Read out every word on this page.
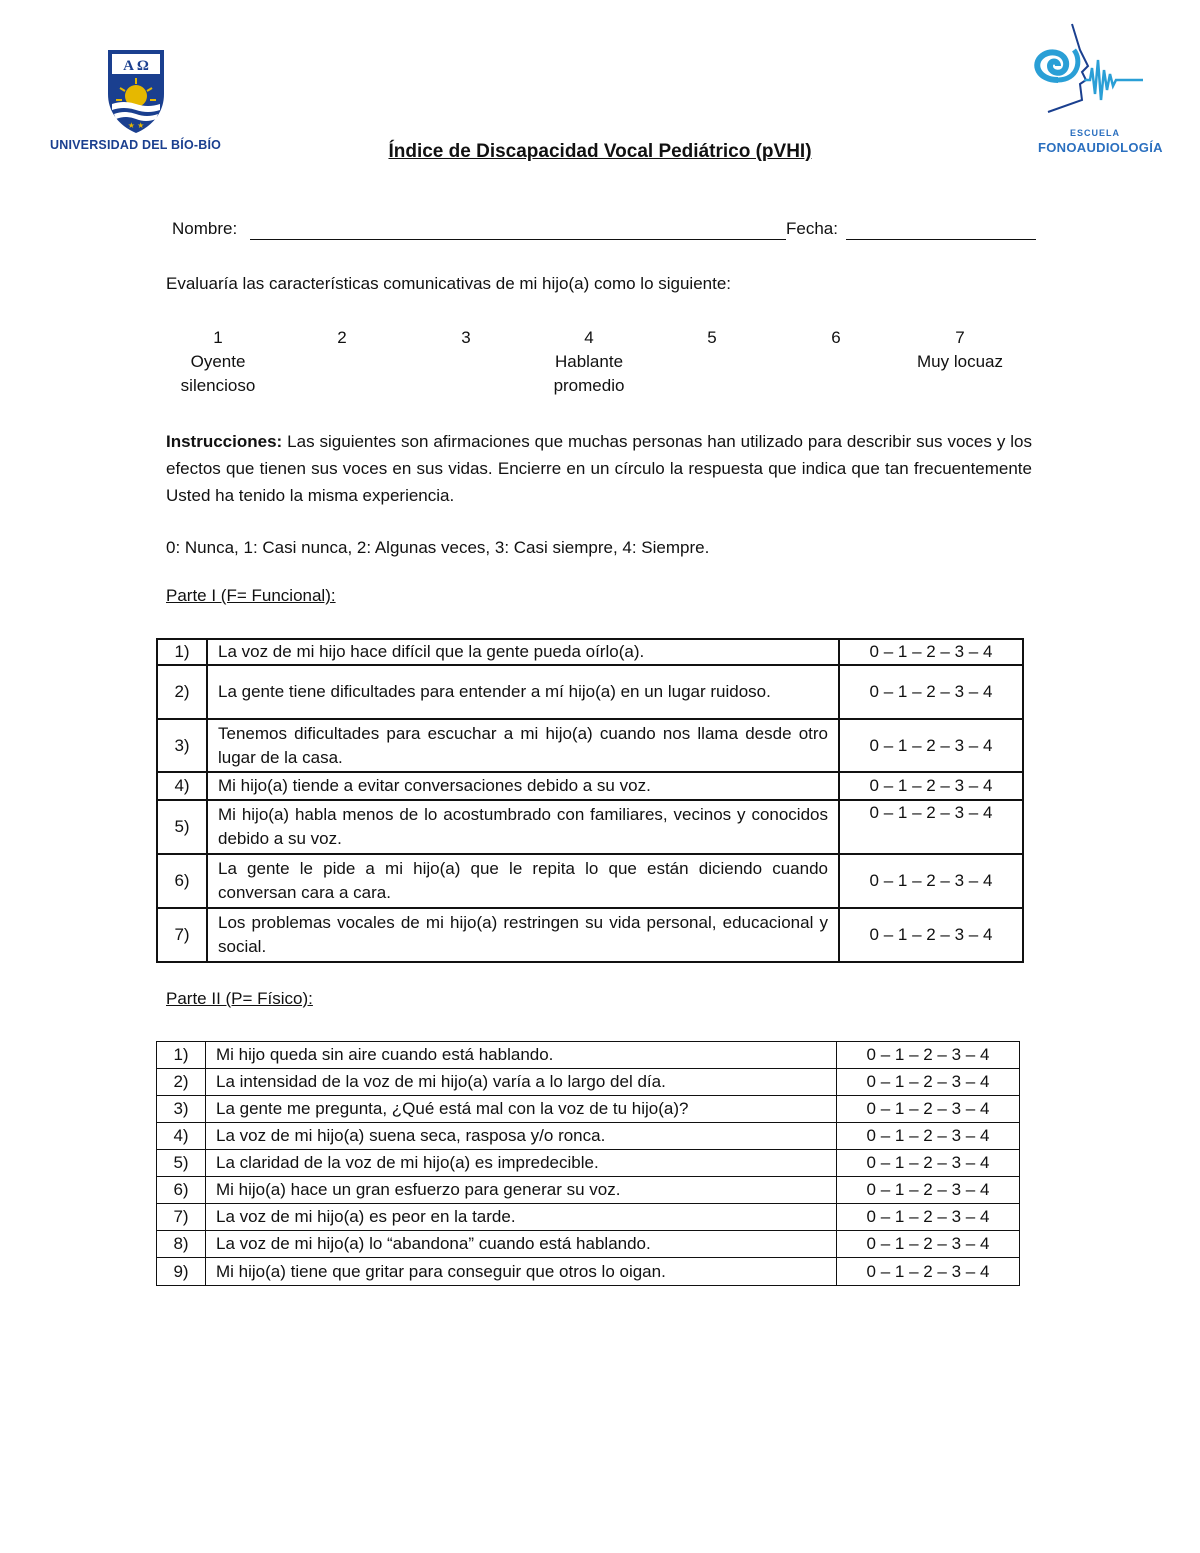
A Ω
★ ★
UNIVERSIDAD DEL BÍO-BÍO
ESCUELA
FONOAUDIOLOGÍA
Índice de Discapacidad Vocal Pediátrico (pVHI)
Nombre:	Fecha:
Evaluaría las características comunicativas de mi hijo(a) como lo siguiente:
1
Oyente
silencioso
2	3	4
Hablante
promedio
5	6	7
Muy locuaz
Instrucciones: Las siguientes son afirmaciones que muchas personas han utilizado para describir sus voces y los efectos que tienen sus voces en sus vidas. Encierre en un círculo la respuesta que indica que tan frecuentemente Usted ha tenido la misma experiencia.
0: Nunca, 1: Casi nunca, 2: Algunas veces, 3: Casi siempre, 4: Siempre.
Parte I (F= Funcional):
1)	La voz de mi hijo hace difícil que la gente pueda oírlo(a).	0 – 1 – 2 – 3 – 4
2)	La gente tiene dificultades para entender a mí hijo(a) en un lugar ruidoso.	0 – 1 – 2 – 3 – 4
3)	Tenemos dificultades para escuchar a mi hijo(a) cuando nos llama desde otro lugar de la casa.	0 – 1 – 2 – 3 – 4
4)	Mi hijo(a) tiende a evitar conversaciones debido a su voz.	0 – 1 – 2 – 3 – 4
5)	Mi hijo(a) habla menos de lo acostumbrado con familiares, vecinos y conocidos debido a su voz.	0 – 1 – 2 – 3 – 4
6)	La gente le pide a mi hijo(a) que le repita lo que están diciendo cuando conversan cara a cara.	0 – 1 – 2 – 3 – 4
7)	Los problemas vocales de mi hijo(a) restringen su vida personal, educacional y social.	0 – 1 – 2 – 3 – 4
Parte II (P= Físico):
1)	Mi hijo queda sin aire cuando está hablando.	0 – 1 – 2 – 3 – 4
2)	La intensidad de la voz de mi hijo(a) varía a lo largo del día.	0 – 1 – 2 – 3 – 4
3)	La gente me pregunta, ¿Qué está mal con la voz de tu hijo(a)?	0 – 1 – 2 – 3 – 4
4)	La voz de mi hijo(a) suena seca, rasposa y/o ronca.	0 – 1 – 2 – 3 – 4
5)	La claridad de la voz de mi hijo(a) es impredecible.	0 – 1 – 2 – 3 – 4
6)	Mi hijo(a) hace un gran esfuerzo para generar su voz.	0 – 1 – 2 – 3 – 4
7)	La voz de mi hijo(a) es peor en la tarde.	0 – 1 – 2 – 3 – 4
8)	La voz de mi hijo(a) lo “abandona” cuando está hablando.	0 – 1 – 2 – 3 – 4
9)	Mi hijo(a) tiene que gritar para conseguir que otros lo oigan.	0 – 1 – 2 – 3 – 4
